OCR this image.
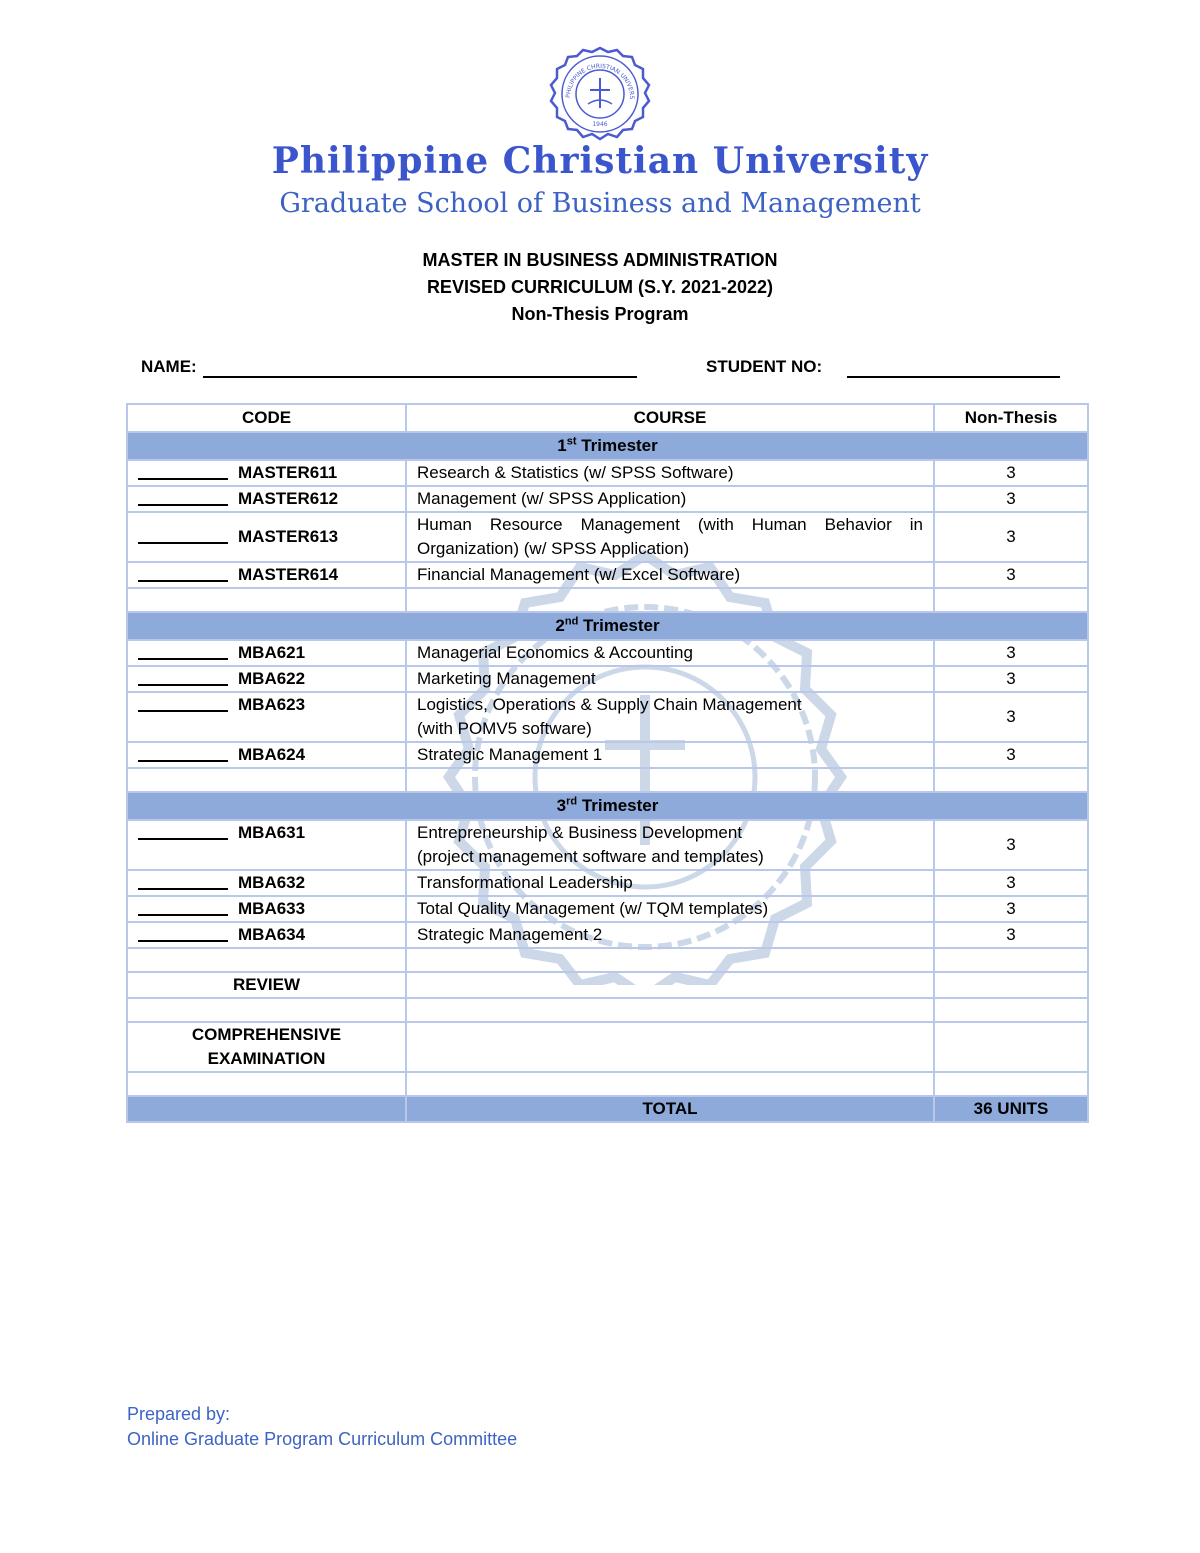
PHILIPPINE CHRISTIAN UNIVERS
1946
Philippine Christian University
Graduate School of Business and Management
MASTER IN BUSINESS ADMINISTRATION
REVISED CURRICULUM (S.Y. 2021-2022)
Non-Thesis Program
NAME:	STUDENT NO:
CODE	COURSE	Non-Thesis
1st Trimester		
MASTER611	Research & Statistics (w/ SPSS Software)	3
MASTER612	Management (w/ SPSS Application)	3
MASTER613	Human Resource Management (with Human Behavior in Organization) (w/ SPSS Application)	3
MASTER614	Financial Management (w/ Excel Software)	3

2nd Trimester		
MBA621	Managerial Economics & Accounting	3
MBA622	Marketing Management	3
MBA623	Logistics, Operations & Supply Chain Management
(with POMV5 software)	3
MBA624	Strategic Management 1	3

3rd Trimester		
MBA631	Entrepreneurship & Business Development
(project management software and templates)	3
MBA632	Transformational Leadership	3
MBA633	Total Quality Management (w/ TQM templates)	3
MBA634	Strategic Management 2	3

REVIEW		

COMPREHENSIVE
EXAMINATION		

	TOTAL	36 UNITS
Prepared by:
Online Graduate Program Curriculum Committee
